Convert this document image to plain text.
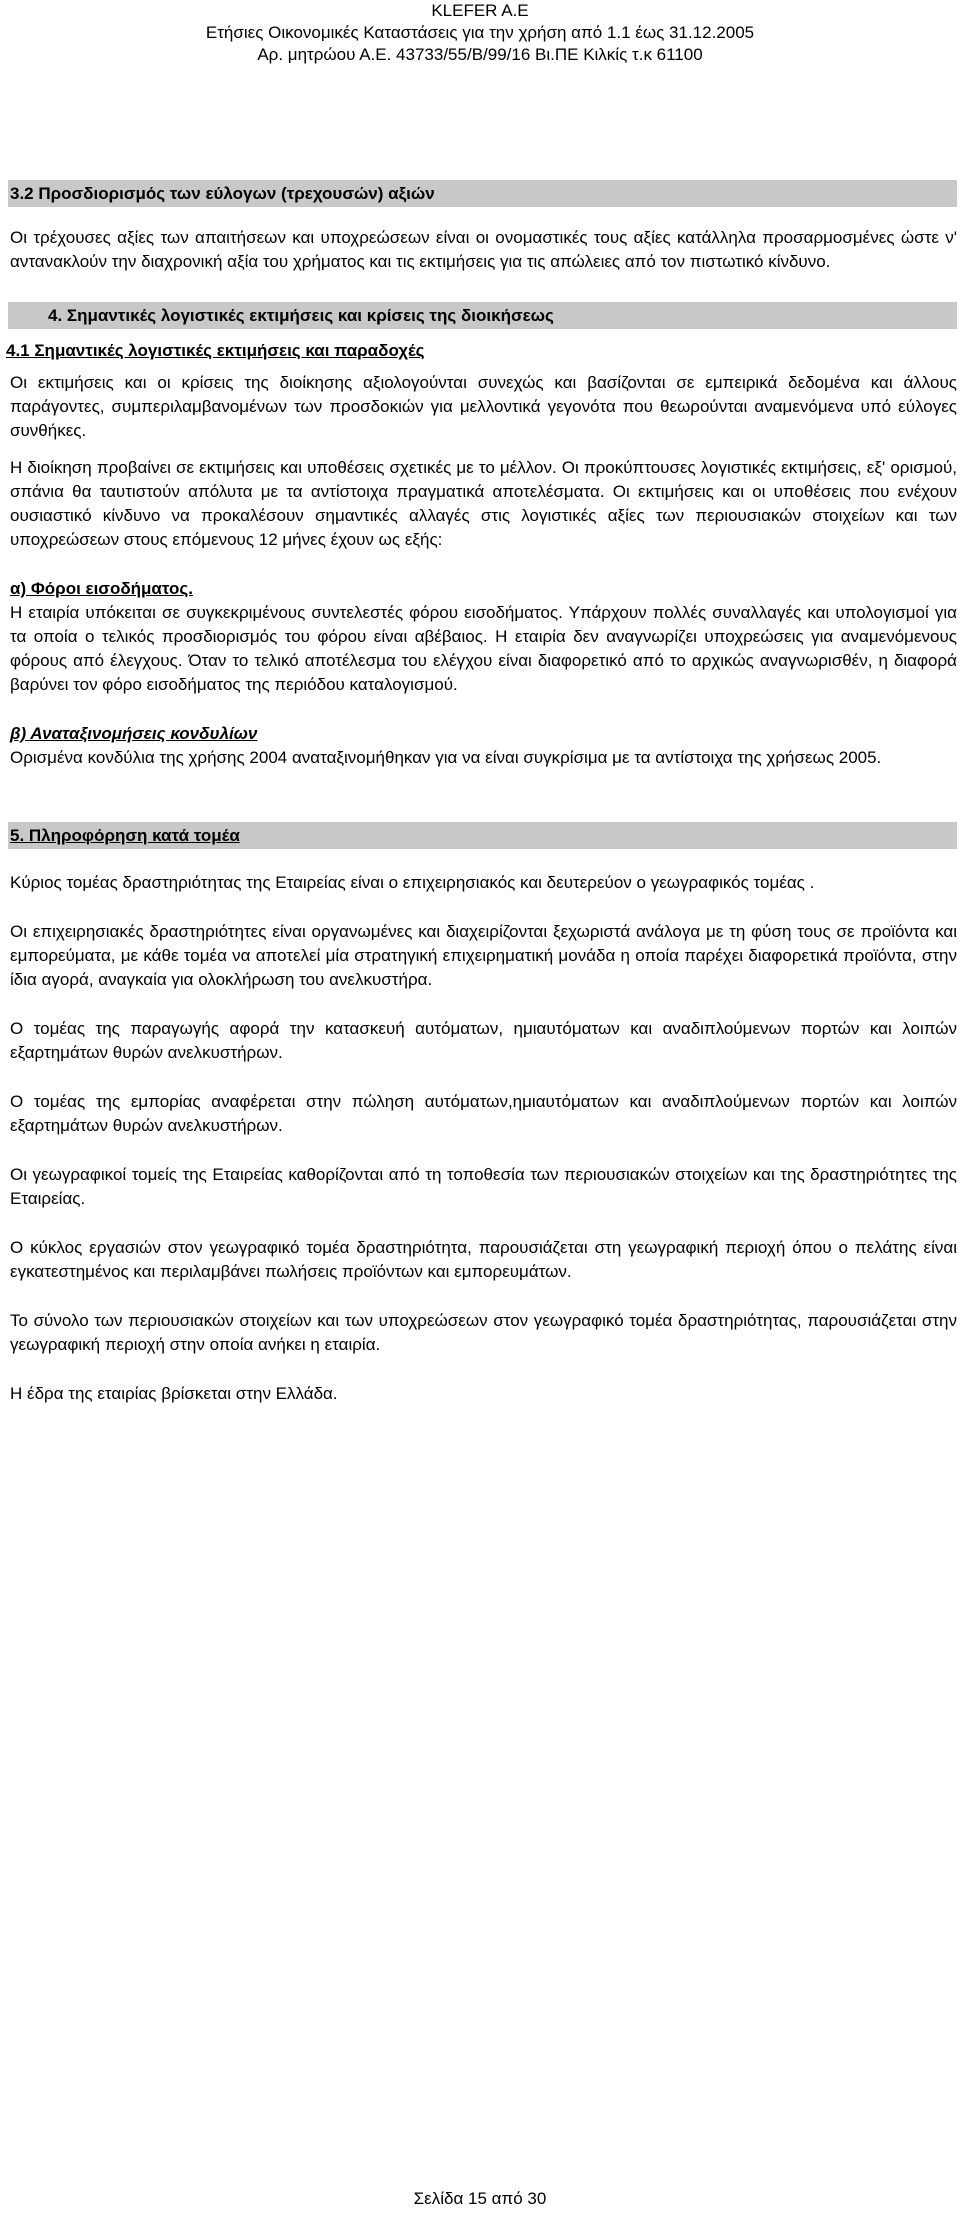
KLEFER A.E
Ετήσιες Οικονομικές Καταστάσεις για την χρήση από 1.1 έως 31.12.2005
Αρ. μητρώου Α.Ε. 43733/55/Β/99/16 Βι.ΠΕ Κιλκίς τ.κ 61100
3.2 Προσδιορισμός των εύλογων (τρεχουσών) αξιών
Οι τρέχουσες αξίες των απαιτήσεων και υποχρεώσεων είναι οι ονομαστικές τους αξίες κατάλληλα προσαρμοσμένες ώστε ν' αντανακλούν την διαχρονική αξία του χρήματος και τις εκτιμήσεις για τις απώλειες από τον πιστωτικό κίνδυνο.
4. Σημαντικές λογιστικές εκτιμήσεις και κρίσεις της διοικήσεως
4.1 Σημαντικές λογιστικές εκτιμήσεις και παραδοχές
Οι εκτιμήσεις και οι κρίσεις της διοίκησης αξιολογούνται συνεχώς και βασίζονται σε εμπειρικά δεδομένα και άλλους παράγοντες, συμπεριλαμβανομένων των προσδοκιών για μελλοντικά γεγονότα που θεωρούνται αναμενόμενα υπό εύλογες συνθήκες.
Η διοίκηση προβαίνει σε εκτιμήσεις και υποθέσεις σχετικές με το μέλλον. Οι προκύπτουσες λογιστικές εκτιμήσεις, εξ' ορισμού, σπάνια θα ταυτιστούν απόλυτα με τα αντίστοιχα πραγματικά αποτελέσματα. Οι εκτιμήσεις και οι υποθέσεις που ενέχουν ουσιαστικό κίνδυνο να προκαλέσουν σημαντικές αλλαγές στις λογιστικές αξίες των περιουσιακών στοιχείων και των υποχρεώσεων στους επόμενους 12 μήνες έχουν ως εξής:
α) Φόροι εισοδήματος.
Η εταιρία υπόκειται σε συγκεκριμένους συντελεστές φόρου εισοδήματος. Υπάρχουν πολλές συναλλαγές και υπολογισμοί για τα οποία ο τελικός προσδιορισμός του φόρου είναι αβέβαιος. Η εταιρία δεν αναγνωρίζει υποχρεώσεις για αναμενόμενους φόρους από έλεγχους. Όταν το τελικό αποτέλεσμα του ελέγχου είναι διαφορετικό από το αρχικώς αναγνωρισθέν, η διαφορά βαρύνει τον φόρο εισοδήματος της περιόδου καταλογισμού.
β) Αναταξινομήσεις κονδυλίων
Ορισμένα κονδύλια της χρήσης 2004 αναταξινομήθηκαν για να είναι συγκρίσιμα με τα αντίστοιχα της χρήσεως 2005.
5. Πληροφόρηση κατά τομέα
Κύριος τομέας δραστηριότητας της Εταιρείας είναι ο επιχειρησιακός και δευτερεύον ο γεωγραφικός τομέας .
Οι επιχειρησιακές δραστηριότητες είναι οργανωμένες και διαχειρίζονται ξεχωριστά ανάλογα με τη φύση τους σε προϊόντα και εμπορεύματα, με κάθε τομέα να αποτελεί μία στρατηγική επιχειρηματική μονάδα η οποία παρέχει διαφορετικά προϊόντα, στην ίδια αγορά, αναγκαία για ολοκλήρωση του ανελκυστήρα.
Ο τομέας της παραγωγής αφορά την κατασκευή αυτόματων, ημιαυτόματων και αναδιπλούμενων πορτών και λοιπών εξαρτημάτων θυρών ανελκυστήρων.
Ο τομέας της εμπορίας αναφέρεται στην πώληση αυτόματων,ημιαυτόματων και αναδιπλούμενων πορτών και λοιπών εξαρτημάτων θυρών ανελκυστήρων.
Οι γεωγραφικοί τομείς της Εταιρείας καθορίζονται από τη τοποθεσία των περιουσιακών στοιχείων και της δραστηριότητες της Εταιρείας.
Ο κύκλος εργασιών στον γεωγραφικό τομέα δραστηριότητα, παρουσιάζεται στη γεωγραφική περιοχή όπου ο πελάτης είναι εγκατεστημένος και περιλαμβάνει πωλήσεις προϊόντων και εμπορευμάτων.
Το σύνολο των περιουσιακών στοιχείων και των υποχρεώσεων στον γεωγραφικό τομέα δραστηριότητας, παρουσιάζεται στην γεωγραφική περιοχή στην οποία ανήκει η εταιρία.
Η έδρα της εταιρίας βρίσκεται στην Ελλάδα.
Σελίδα 15 από 30
